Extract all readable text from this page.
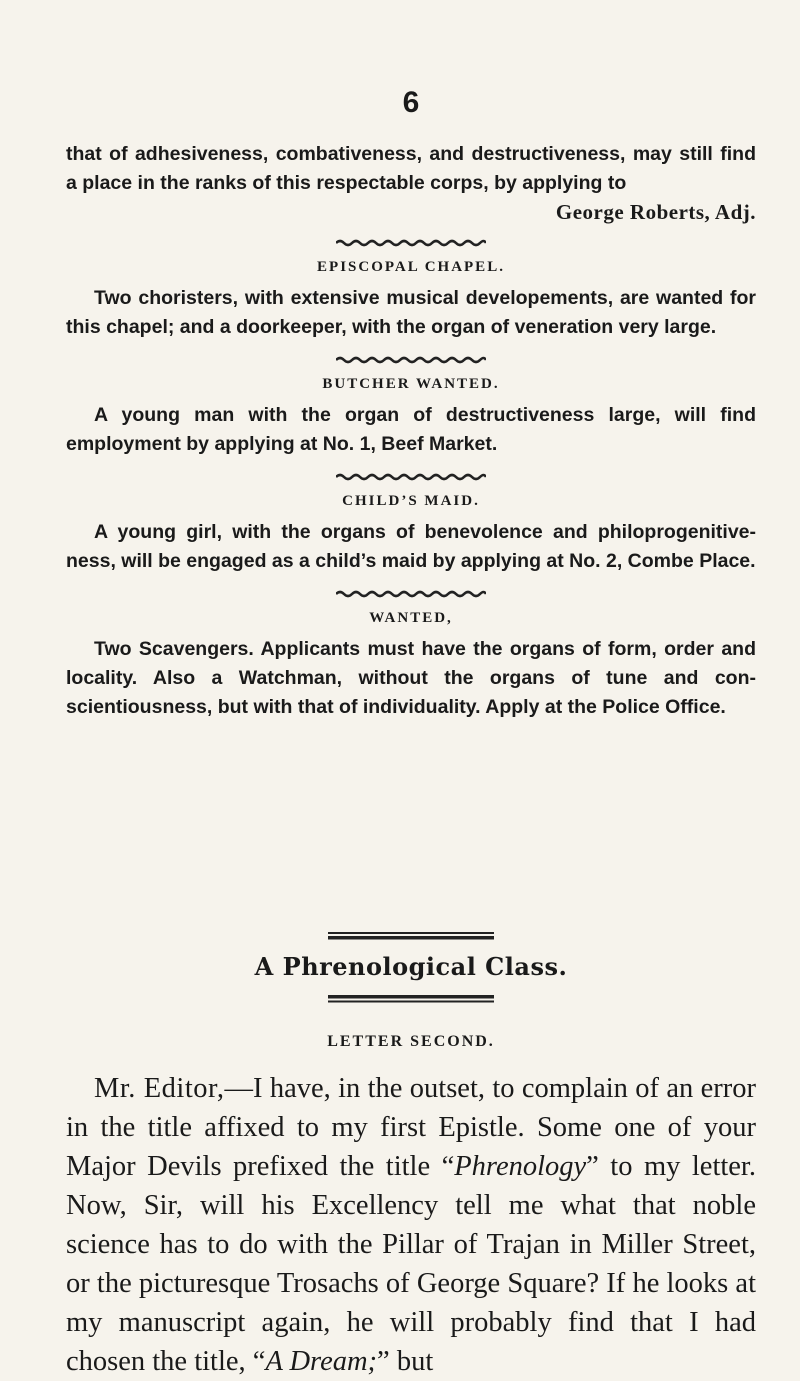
6

that of adhesiveness, combativeness, and destructiveness, may still find a place in the ranks of this respectable corps, by applying to

George Roberts, Adj.

EPISCOPAL CHAPEL.

Two choristers, with extensive musical developements, are wanted for this chapel; and a doorkeeper, with the organ of veneration very large.

BUTCHER WANTED.

A young man with the organ of destructiveness large, will find employment by applying at No. 1, Beef Market.

CHILD’S MAID.

A young girl, with the organs of benevolence and philoprogenitive-ness, will be engaged as a child’s maid by applying at No. 2, Combe Place.

WANTED,

Two Scavengers. Applicants must have the organs of form, order and locality. Also a Watchman, without the organs of tune and con-scientiousness, but with that of individuality. Apply at the Police Office.

A Phrenological Class.
LETTER SECOND.

Mr. Editor,—I have, in the outset, to complain of an error in the title affixed to my first Epistle. Some one of your Major Devils prefixed the title “Phrenology” to my letter. Now, Sir, will his Excellency tell me what that noble science has to do with the Pillar of Trajan in Miller Street, or the picturesque Trosachs of George Square? If he looks at my manuscript again, he will probably find that I had chosen the title, “A Dream;” but
